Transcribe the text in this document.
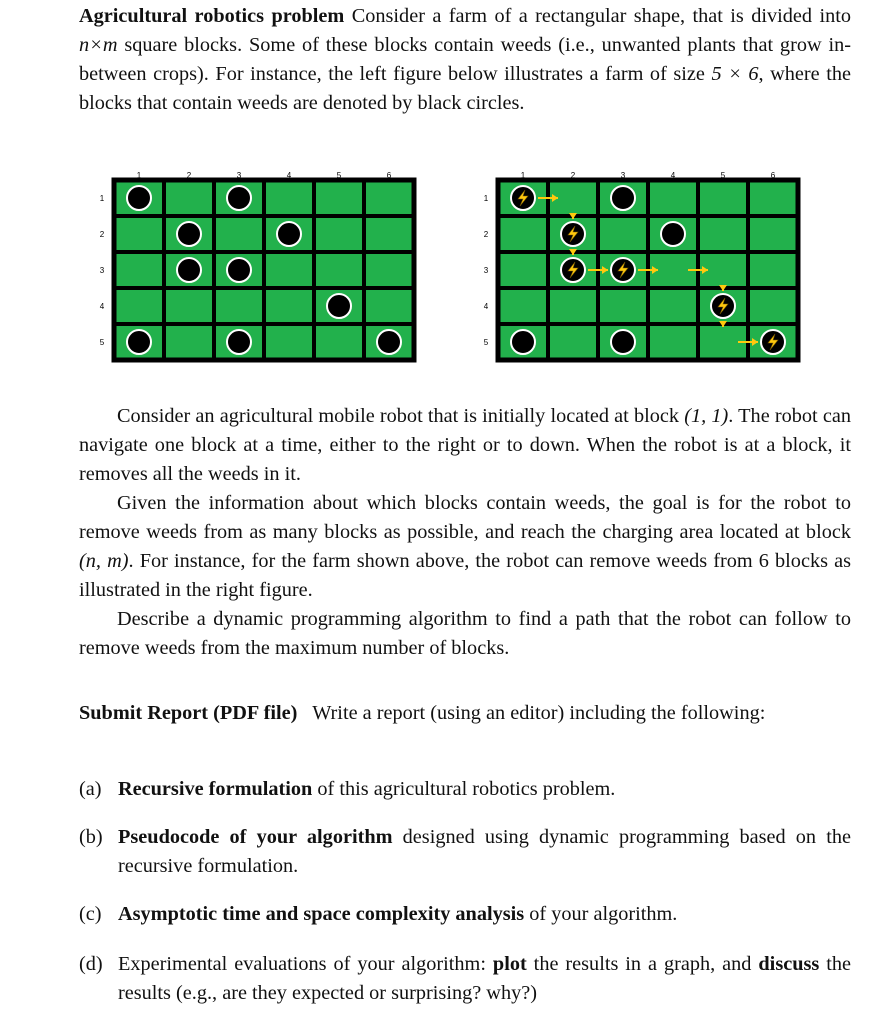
Agricultural robotics problem Consider a farm of a rectangular shape, that is divided into n×m square blocks. Some of these blocks contain weeds (i.e., unwanted plants that grow in-between crops). For instance, the left figure below illustrates a farm of size 5 × 6, where the blocks that contain weeds are denoted by black circles.

1	2	3	4	5	6
1
2
3
4
5
1	2	3	4	5	6
1
2
3
4
5

Consider an agricultural mobile robot that is initially located at block (1, 1). The robot can navigate one block at a time, either to the right or to down. When the robot is at a block, it removes all the weeds in it.

Given the information about which blocks contain weeds, the goal is for the robot to remove weeds from as many blocks as possible, and reach the charging area located at block (n, m). For instance, for the farm shown above, the robot can remove weeds from 6 blocks as illustrated in the right figure.

Describe a dynamic programming algorithm to find a path that the robot can follow to remove weeds from the maximum number of blocks.

Submit Report (PDF file)   Write a report (using an editor) including the following:

(a) Recursive formulation of this agricultural robotics problem.
(b) Pseudocode of your algorithm designed using dynamic programming based on the recursive formulation.
(c) Asymptotic time and space complexity analysis of your algorithm.
(d) Experimental evaluations of your algorithm: plot the results in a graph, and discuss the results (e.g., are they expected or surprising? why?)
